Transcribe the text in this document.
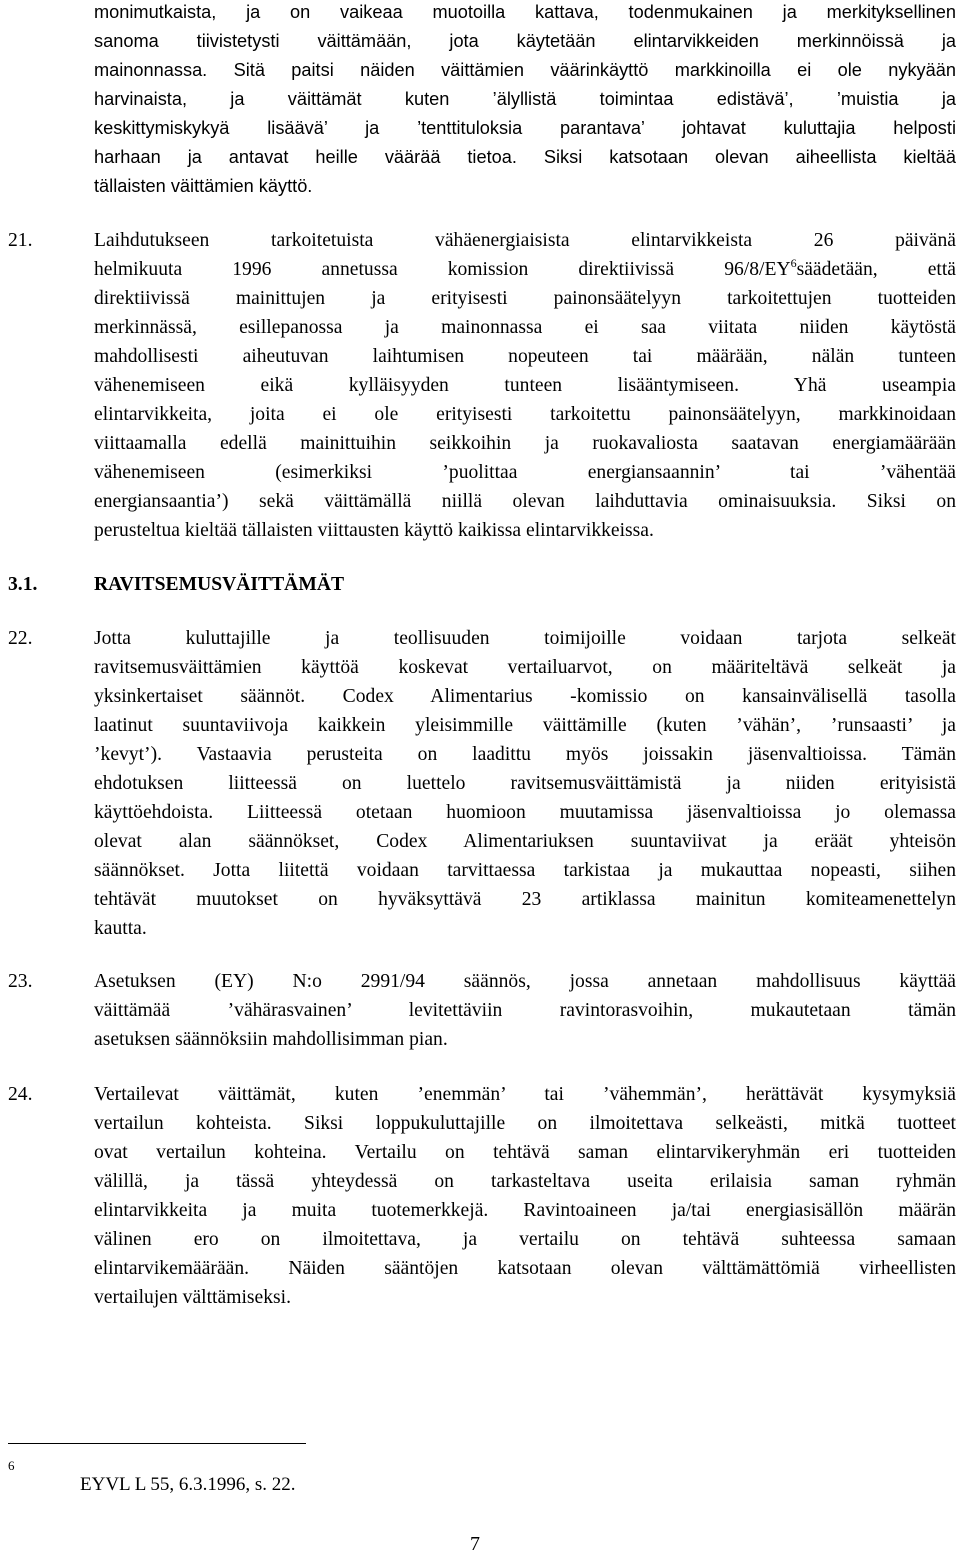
monimutkaista, ja on vaikeaa muotoilla kattava, todenmukainen ja merkityksellinen
sanoma tiivistetysti väittämään, jota käytetään elintarvikkeiden merkinnöissä ja
mainonnassa. Sitä paitsi näiden väittämien väärinkäyttö markkinoilla ei ole nykyään
harvinaista, ja väittämät kuten ’älyllistä toimintaa edistävä’, ’muistia ja
keskittymiskykyä lisäävä’ ja ’tenttituloksia parantava’ johtavat kuluttajia helposti
harhaan ja antavat heille väärää tietoa. Siksi katsotaan olevan aiheellista kieltää
tällaisten väittämien käyttö.
21.	Laihdutukseen tarkoitetuista vähäenergiaisista elintarvikkeista 26 päivänä
helmikuuta 1996 annetussa komission direktiivissä $96/8/EY^6sää\det ään$, että
direktiivissä mainittujen ja erityisesti painonsäätelyyn tarkoitettujen tuotteiden
merkinnässä, esillepanossa ja mainonnassa ei saa viitata niiden käytöstä
mahdollisesti aiheutuvan laihtumisen nopeuteen tai määrään, nälän tunteen
vähenemiseen eikä kylläisyyden tunteen lisääntymiseen. Yhä useampia
elintarvikkeita, joita ei ole erityisesti tarkoitettu painonsäätelyyn, markkinoidaan
viittaamalla edellä mainittuihin seikkoihin ja ruokavaliosta saatavan energiamäärään
vähenemiseen (esimerkiksi ’puolittaa energiansaannin’ tai ’vähentää
energiansaantia’) sekä väittämällä niillä olevan laihduttavia ominaisuuksia. Siksi on
perusteltua kieltää tällaisten viittausten käyttö kaikissa elintarvikkeissa.
3.1.	RAVITSEMUSVÄITTÄMÄT
22.	Jotta kuluttajille ja teollisuuden toimijoille voidaan tarjota selkeät
ravitsemusväittämien käyttöä koskevat vertailuarvot, on määriteltävä selkeät ja
yksinkertaiset säännöt. Codex Alimentarius -komissio on kansainvälisellä tasolla
laatinut suuntaviivoja kaikkein yleisimmille väittämille (kuten ’vähän’, ’runsaasti’ ja
’kevyt’). Vastaavia perusteita on laadittu myös joissakin jäsenvaltioissa. Tämän
ehdotuksen liitteessä on luettelo ravitsemusväittämistä ja niiden erityisistä
käyttöehdoista. Liitteessä otetaan huomioon muutamissa jäsenvaltioissa jo olemassa
olevat alan säännökset, Codex Alimentariuksen suuntaviivat ja eräät yhteisön
säännökset. Jotta liitettä voidaan tarvittaessa tarkistaa ja mukauttaa nopeasti, siihen
tehtävät muutokset on hyväksyttävä 23 artiklassa mainitun komiteamenettelyn
kautta.
23.	Asetuksen (EY) N:o 2991/94 säännös, jossa annetaan mahdollisuus käyttää
väittämää ’vähärasvainen’ levitettäviin ravintorasvoihin, mukautetaan tämän
asetuksen säännöksiin mahdollisimman pian.
24.	Vertailevat väittämät, kuten ’enemmän’ tai ’vähemmän’, herättävät kysymyksiä
vertailun kohteista. Siksi loppukuluttajille on ilmoitettava selkeästi, mitkä tuotteet
ovat vertailun kohteina. Vertailu on tehtävä saman elintarvikeryhmän eri tuotteiden
välillä, ja tässä yhteydessä on tarkasteltava useita erilaisia saman ryhmän
elintarvikkeita ja muita tuotemerkkejä. Ravintoaineen ja/tai energiasisällön määrän
välinen ero on ilmoitettava, ja vertailu on tehtävä suhteessa samaan
elintarvikemäärään. Näiden sääntöjen katsotaan olevan välttämättömiä virheellisten
vertailujen välttämiseksi.
6
EYVL L 55, 6.3.1996, s. 22.
7
